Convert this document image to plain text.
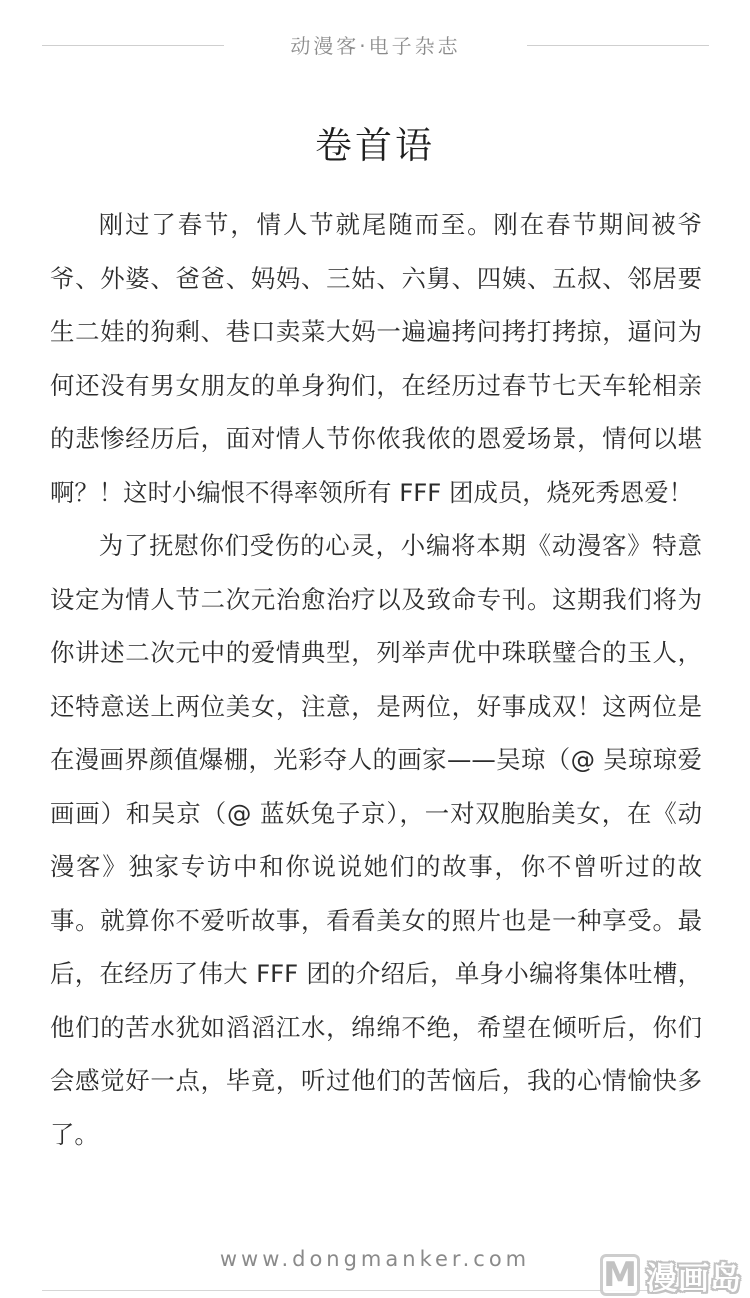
动漫客·电子杂志
卷首语

刚过了春节，情人节就尾随而至。刚在春节期间被爷爷、外婆、爸爸、妈妈、三姑、六舅、四姨、五叔、邻居要生二娃的狗剩、巷口卖菜大妈一遍遍拷问拷打拷掠，逼问为何还没有男女朋友的单身狗们，在经历过春节七天车轮相亲的悲惨经历后，面对情人节你侬我侬的恩爱场景，情何以堪啊？！这时小编恨不得率领所有 FFF 团成员，烧死秀恩爱！

为了抚慰你们受伤的心灵，小编将本期《动漫客》特意设定为情人节二次元治愈治疗以及致命专刊。这期我们将为你讲述二次元中的爱情典型，列举声优中珠联璧合的玉人，还特意送上两位美女，注意，是两位，好事成双！这两位是在漫画界颜值爆棚，光彩夺人的画家——吴琼（@ 吴琼琼爱画画）和吴京（@ 蓝妖兔子京），一对双胞胎美女，在《动漫客》独家专访中和你说说她们的故事，你不曾听过的故事。就算你不爱听故事，看看美女的照片也是一种享受。最后，在经历了伟大 FFF 团的介绍后，单身小编将集体吐槽，他们的苦水犹如滔滔江水，绵绵不绝，希望在倾听后，你们会感觉好一点，毕竟，听过他们的苦恼后，我的心情愉快多了。

www.dongmanker.com	M 漫画岛
